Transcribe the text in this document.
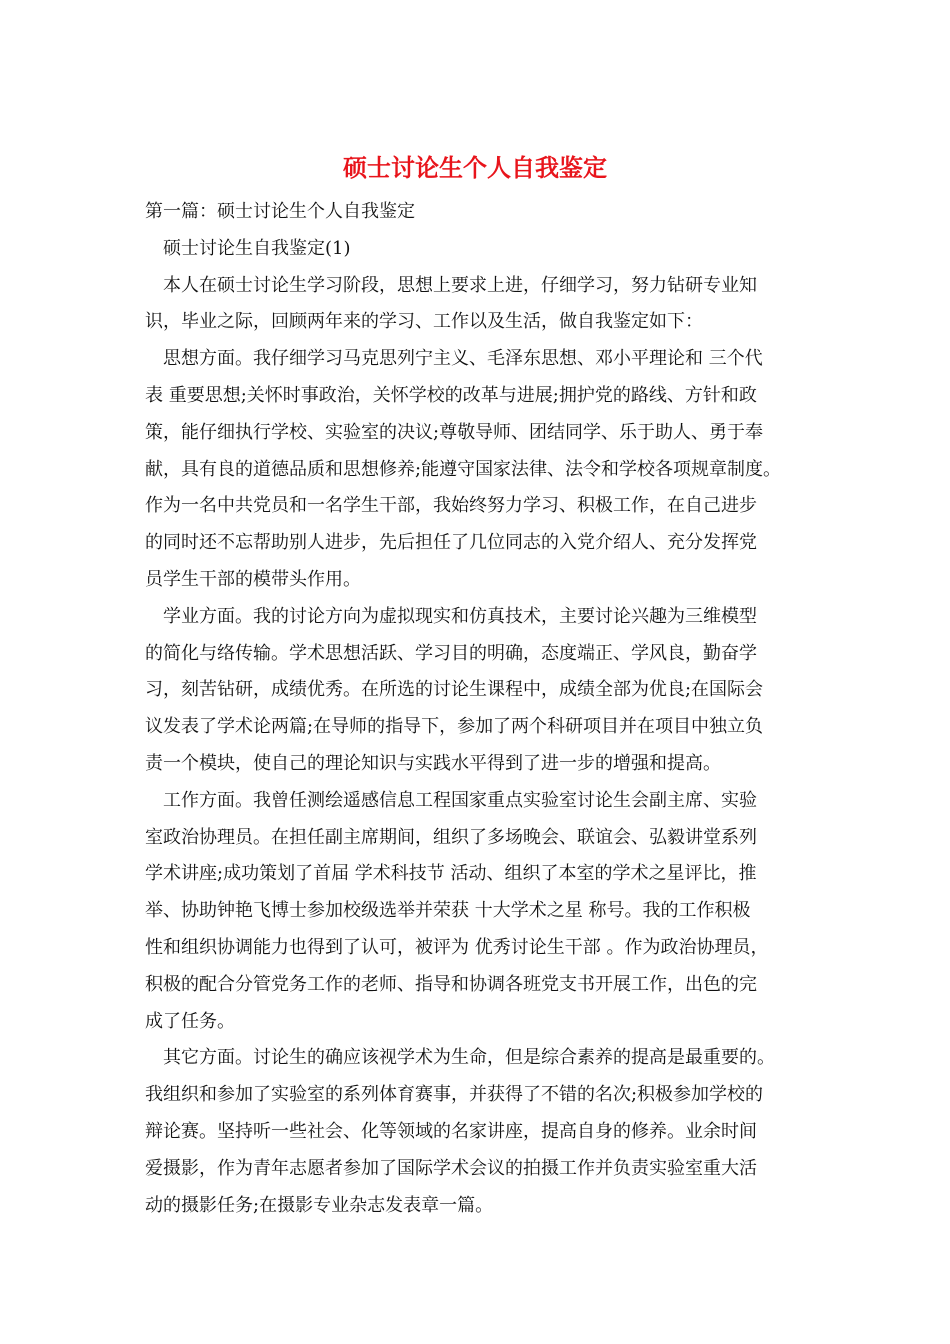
硕士讨论生个人自我鉴定
第一篇：硕士讨论生个人自我鉴定
硕士讨论生自我鉴定(1)
本人在硕士讨论生学习阶段，思想上要求上进，仔细学习，努力钻研专业知
识，毕业之际，回顾两年来的学习、工作以及生活，做自我鉴定如下：
思想方面。我仔细学习马克思列宁主义、毛泽东思想、邓小平理论和 三个代
表 重要思想;关怀时事政治，关怀学校的改革与进展;拥护党的路线、方针和政
策，能仔细执行学校、实验室的决议;尊敬导师、团结同学、乐于助人、勇于奉
献，具有良的道德品质和思想修养;能遵守国家法律、法令和学校各项规章制度。
作为一名中共党员和一名学生干部，我始终努力学习、积极工作，在自己进步
的同时还不忘帮助别人进步，先后担任了几位同志的入党介绍人、充分发挥党
员学生干部的模带头作用。
学业方面。我的讨论方向为虚拟现实和仿真技术，主要讨论兴趣为三维模型
的简化与络传输。学术思想活跃、学习目的明确，态度端正、学风良，勤奋学
习，刻苦钻研，成绩优秀。在所选的讨论生课程中，成绩全部为优良;在国际会
议发表了学术论两篇;在导师的指导下，参加了两个科研项目并在项目中独立负
责一个模块，使自己的理论知识与实践水平得到了进一步的增强和提高。
工作方面。我曾任测绘遥感信息工程国家重点实验室讨论生会副主席、实验
室政治协理员。在担任副主席期间，组织了多场晚会、联谊会、弘毅讲堂系列
学术讲座;成功策划了首届 学术科技节 活动、组织了本室的学术之星评比，推
举、协助钟艳飞博士参加校级选举并荣获 十大学术之星 称号。我的工作积极
性和组织协调能力也得到了认可，被评为 优秀讨论生干部 。作为政治协理员，
积极的配合分管党务工作的老师、指导和协调各班党支书开展工作，出色的完
成了任务。
其它方面。讨论生的确应该视学术为生命，但是综合素养的提高是最重要的。
我组织和参加了实验室的系列体育赛事，并获得了不错的名次;积极参加学校的
辩论赛。坚持听一些社会、化等领域的名家讲座，提高自身的修养。业余时间
爱摄影，作为青年志愿者参加了国际学术会议的拍摄工作并负责实验室重大活
动的摄影任务;在摄影专业杂志发表章一篇。
